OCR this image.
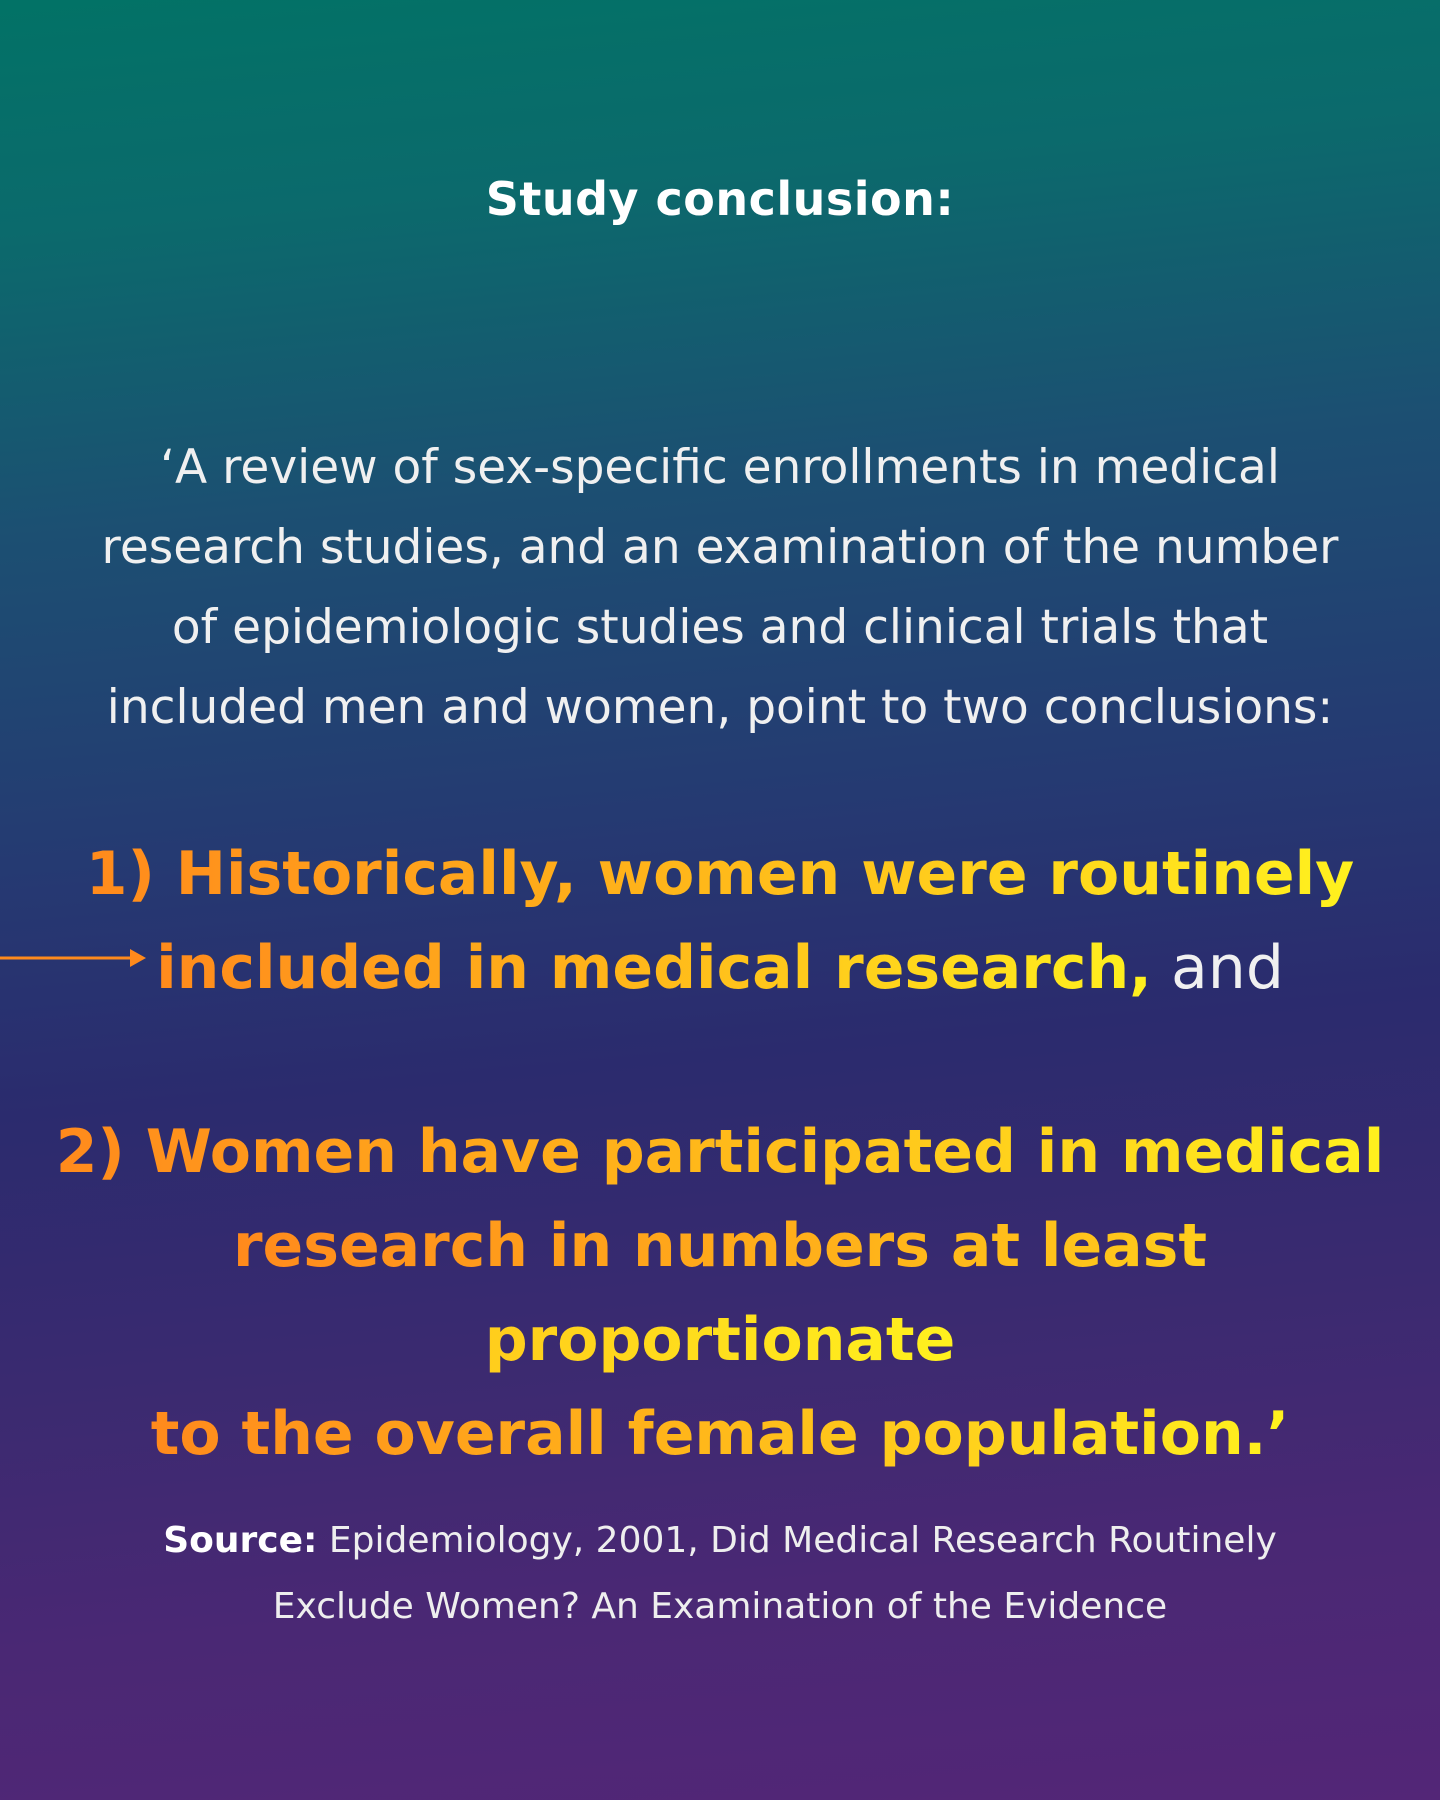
Study conclusion:
‘A review of sex-specific enrollments in medical
research studies, and an examination of the number
of epidemiologic studies and clinical trials that
included men and women, point to two conclusions:
1) Historically, women were routinely
included in medical research, and
2) Women have participated in medical
research in numbers at least proportionate
to the overall female population.’
Source: Epidemiology, 2001, Did Medical Research Routinely
Exclude Women? An Examination of the Evidence
